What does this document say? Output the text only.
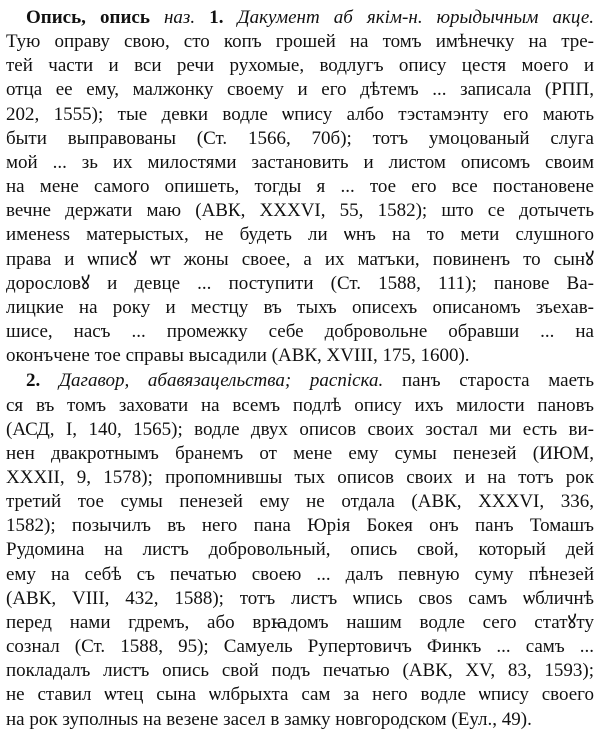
Опись, опись наз. 1. Дакумент аб якім-н. юрыдычным акце.
Тую оправу свою, сто копъ грошей на томъ имѣнечку на тре-
тей части и вси речи рухомые, водлугъ опису цестя моего и
отца ее ему, малжонку своему и его дѣтемъ ... записала (РПП,
202, 1555); тые девки водле ѡпису албо тэстамэнту его мають
быти выправованы (Ст. 1566, 70б); тотъ умоцованый слуга
мой ... зь их милостями застановить и листом описомъ своим
на мене самого опишеть, тогды я ... тое его все постановене
вечне держати маю (АВК, XXXVI, 55, 1582); што се дотычеть
именеss матерыстых, не будеть ли ѡнъ на то мети слушного
права и ѡписꙋ ѡт жоны своее, а их матъки, повиненъ то сынꙋ
дорословꙋ и девце ... поступити (Ст. 1588, 111); панове Ва-
лицкие на року и местцу въ тыхъ описехъ описаномъ зъехав-
шисе, насъ ... промежку себе добровольне обравши ... на
оконъчене тое справы высадили (АВК, XVIII, 175, 1600).
2. Дагавор, абавязацельства; распіска. панъ староста маеть
ся въ томъ заховати на всемъ подлѣ опису ихъ милости пановъ
(АСД, I, 140, 1565); водле двух описов своих зостал ми есть ви-
нен двакротнымъ бранемъ от мене ему сумы пенезей (ИЮМ,
XXXII, 9, 1578); пропомнившы тых описов своих и на тотъ рок
третий тое сумы пенезей ему не отдала (АВК, XXXVI, 336,
1582); позычилъ въ него пана Юрія Бокея онъ панъ Томашъ
Рудомина на листъ добровольный, опись свой, который дей
ему на себѣ съ печатью своею ... далъ певную суму пѣнезей
(АВК, VIII, 432, 1588); тотъ листъ ѡпись своs самъ ѡбличнѣ
перед нами гдремъ, або врꙗдомъ нашим водле сего статꙋту
сознал (Ст. 1588, 95); Самуель Рупертовичъ Финкъ ... самъ ...
покладалъ листъ опись свой подъ печатью (АВК, XV, 83, 1593);
не ставил ѡтец сына ѡлбрыхта сам за него водле ѡпису своего
на рок зуполныs на везене засел в замку новгородском (Еул., 49).
